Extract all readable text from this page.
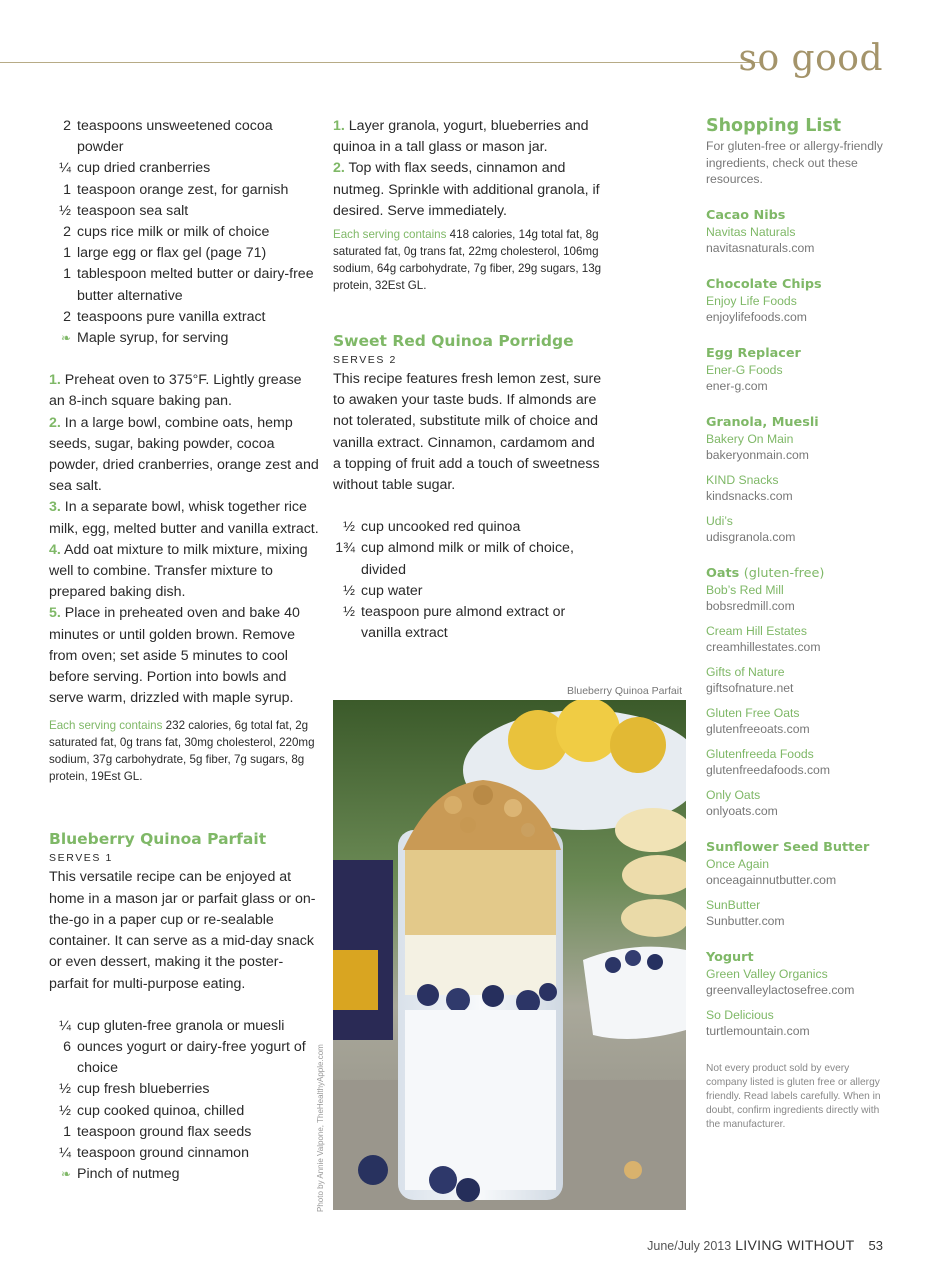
so good
2 teaspoons unsweetened cocoa powder
¼ cup dried cranberries
1 teaspoon orange zest, for garnish
½ teaspoon sea salt
2 cups rice milk or milk of choice
1 large egg or flax gel (page 71)
1 tablespoon melted butter or dairy-free butter alternative
2 teaspoons pure vanilla extract
❧ Maple syrup, for serving
1. Preheat oven to 375°F. Lightly grease an 8-inch square baking pan.
2. In a large bowl, combine oats, hemp seeds, sugar, baking powder, cocoa powder, dried cranberries, orange zest and sea salt.
3. In a separate bowl, whisk together rice milk, egg, melted butter and vanilla extract.
4. Add oat mixture to milk mixture, mixing well to combine. Transfer mixture to prepared baking dish.
5. Place in preheated oven and bake 40 minutes or until golden brown. Remove from oven; set aside 5 minutes to cool before serving. Portion into bowls and serve warm, drizzled with maple syrup.
Each serving contains 232 calories, 6g total fat, 2g saturated fat, 0g trans fat, 30mg cholesterol, 220mg sodium, 37g carbohydrate, 5g fiber, 7g sugars, 8g protein, 19Est GL.
Blueberry Quinoa Parfait
SERVES 1
This versatile recipe can be enjoyed at home in a mason jar or parfait glass or on-the-go in a paper cup or re-sealable container. It can serve as a mid-day snack or even dessert, making it the poster-parfait for multi-purpose eating.
¼ cup gluten-free granola or muesli
6 ounces yogurt or dairy-free yogurt of choice
½ cup fresh blueberries
½ cup cooked quinoa, chilled
1 teaspoon ground flax seeds
¼ teaspoon ground cinnamon
❧ Pinch of nutmeg
1. Layer granola, yogurt, blueberries and quinoa in a tall glass or mason jar.
2. Top with flax seeds, cinnamon and nutmeg. Sprinkle with additional granola, if desired. Serve immediately.
Each serving contains 418 calories, 14g total fat, 8g saturated fat, 0g trans fat, 22mg cholesterol, 106mg sodium, 64g carbohydrate, 7g fiber, 29g sugars, 13g protein, 32Est GL.
Sweet Red Quinoa Porridge
SERVES 2
This recipe features fresh lemon zest, sure to awaken your taste buds. If almonds are not tolerated, substitute milk of choice and vanilla extract. Cinnamon, cardamom and a topping of fruit add a touch of sweetness without table sugar.
½ cup uncooked red quinoa
1¾ cup almond milk or milk of choice, divided
½ cup water
½ teaspoon pure almond extract or vanilla extract
Blueberry Quinoa Parfait
Photo by Annie Valpone, TheHealthyApple.com
Shopping List
For gluten-free or allergy-friendly ingredients, check out these resources.
Cacao Nibs
Navitas Naturals
navitasnaturals.com
Chocolate Chips
Enjoy Life Foods
enjoylifefoods.com
Egg Replacer
Ener-G Foods
ener-g.com
Granola, Muesli
Bakery On Main
bakeryonmain.com
KIND Snacks
kindsnacks.com
Udi’s
udisgranola.com
Oats (gluten-free)
Bob’s Red Mill
bobsredmill.com
Cream Hill Estates
creamhillestates.com
Gifts of Nature
giftsofnature.net
Gluten Free Oats
glutenfreeoats.com
Glutenfreeda Foods
glutenfreedafoods.com
Only Oats
onlyoats.com
Sunflower Seed Butter
Once Again
onceagainnutbutter.com
SunButter
Sunbutter.com
Yogurt
Green Valley Organics
greenvalleylactosefree.com
So Delicious
turtlemountain.com
Not every product sold by every company listed is gluten free or allergy friendly. Read labels carefully. When in doubt, confirm ingredients directly with the manufacturer.
June/July 2013 LIVING WITHOUT 53
